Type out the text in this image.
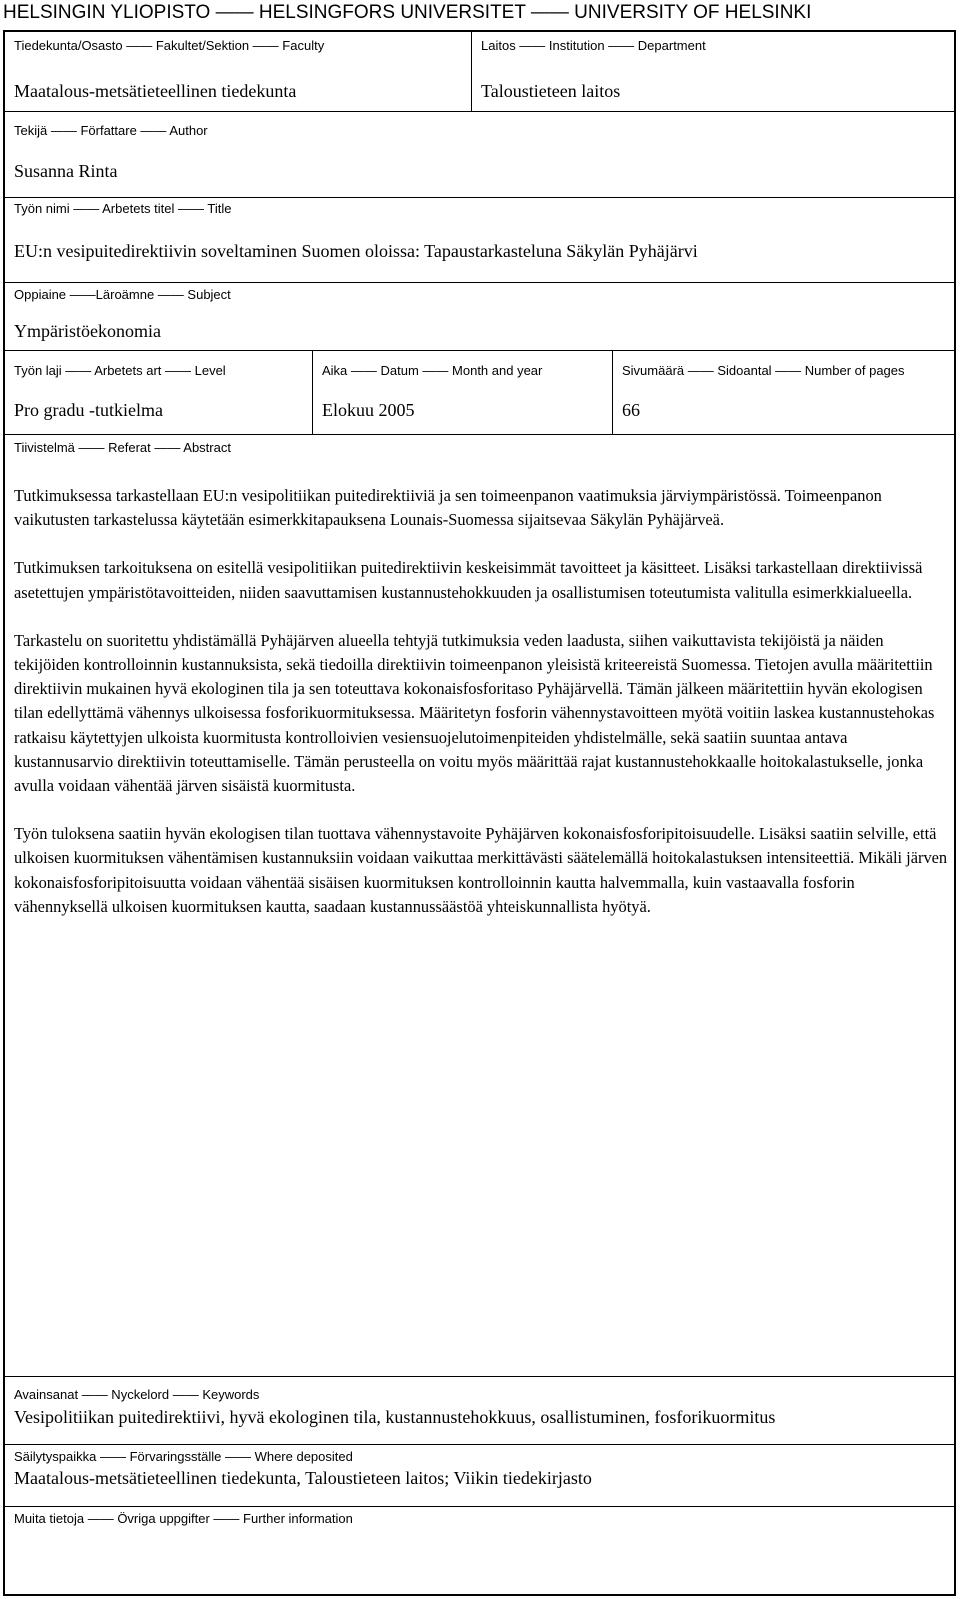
HELSINGIN YLIOPISTO —— HELSINGFORS UNIVERSITET —— UNIVERSITY OF HELSINKI
Tiedekunta/Osasto —— Fakultet/Sektion —— Faculty
Maatalous-metsätieteellinen tiedekunta
Laitos —— Institution —— Department
Taloustieteen laitos
Tekijä —— Författare —— Author
Susanna Rinta
Työn nimi —— Arbetets titel —— Title
EU:n vesipuitedirektiivin soveltaminen Suomen oloissa: Tapaustarkasteluna Säkylän Pyhäjärvi
Oppiaine ——Läroämne —— Subject
Ympäristöekonomia
Työn laji —— Arbetets art —— Level
Pro gradu -tutkielma
Aika —— Datum —— Month and year
Elokuu 2005
Sivumäärä —— Sidoantal —— Number of pages
66
Tiivistelmä —— Referat —— Abstract

Tutkimuksessa tarkastellaan EU:n vesipolitiikan puitedirektiiviä ja sen toimeenpanon vaatimuksia järviympäristössä. Toimeenpanon vaikutusten tarkastelussa käytetään esimerkkitapauksena Lounais-Suomessa sijaitsevaa Säkylän Pyhäjärveä.

Tutkimuksen tarkoituksena on esitellä vesipolitiikan puitedirektiivin keskeisimmät tavoitteet ja käsitteet. Lisäksi tarkastellaan direktiivissä asetettujen ympäristötavoitteiden, niiden saavuttamisen kustannustehokkuuden ja osallistumisen toteutumista valitulla esimerkkialueella.

Tarkastelu on suoritettu yhdistämällä Pyhäjärven alueella tehtyjä tutkimuksia veden laadusta, siihen vaikuttavista tekijöistä ja näiden tekijöiden kontrolloinnin kustannuksista, sekä tiedoilla direktiivin toimeenpanon yleisistä kriteereistä Suomessa. Tietojen avulla määritettiin direktiivin mukainen hyvä ekologinen tila ja sen toteuttava kokonaisfosforitaso Pyhäjärvellä. Tämän jälkeen määritettiin hyvän ekologisen tilan edellyttämä vähennys ulkoisessa fosforikuormituksessa. Määritetyn fosforin vähennystavoitteen myötä voitiin laskea kustannustehokas ratkaisu käytettyjen ulkoista kuormitusta kontrolloivien vesiensuojelutoimenpiteiden yhdistelmälle, sekä saatiin suuntaa antava kustannusarvio direktiivin toteuttamiselle. Tämän perusteella on voitu myös määrittää rajat kustannustehokkaalle hoitokalastukselle, jonka avulla voidaan vähentää järven sisäistä kuormitusta.

Työn tuloksena saatiin hyvän ekologisen tilan tuottava vähennystavoite Pyhäjärven kokonaisfosforipitoisuudelle. Lisäksi saatiin selville, että ulkoisen kuormituksen vähentämisen kustannuksiin voidaan vaikuttaa merkittävästi säätelemällä hoitokalastuksen intensiteettiä. Mikäli järven kokonaisfosforipitoisuutta voidaan vähentää sisäisen kuormituksen kontrolloinnin kautta halvemmalla, kuin vastaavalla fosforin vähennyksellä ulkoisen kuormituksen kautta, saadaan kustannussäästöä yhteiskunnallista hyötyä.

Avainsanat —— Nyckelord —— Keywords
Vesipolitiikan puitedirektiivi, hyvä ekologinen tila, kustannustehokkuus, osallistuminen, fosforikuormitus
Säilytyspaikka —— Förvaringsställe —— Where deposited
Maatalous-metsätieteellinen tiedekunta, Taloustieteen laitos; Viikin tiedekirjasto
Muita tietoja —— Övriga uppgifter —— Further information
